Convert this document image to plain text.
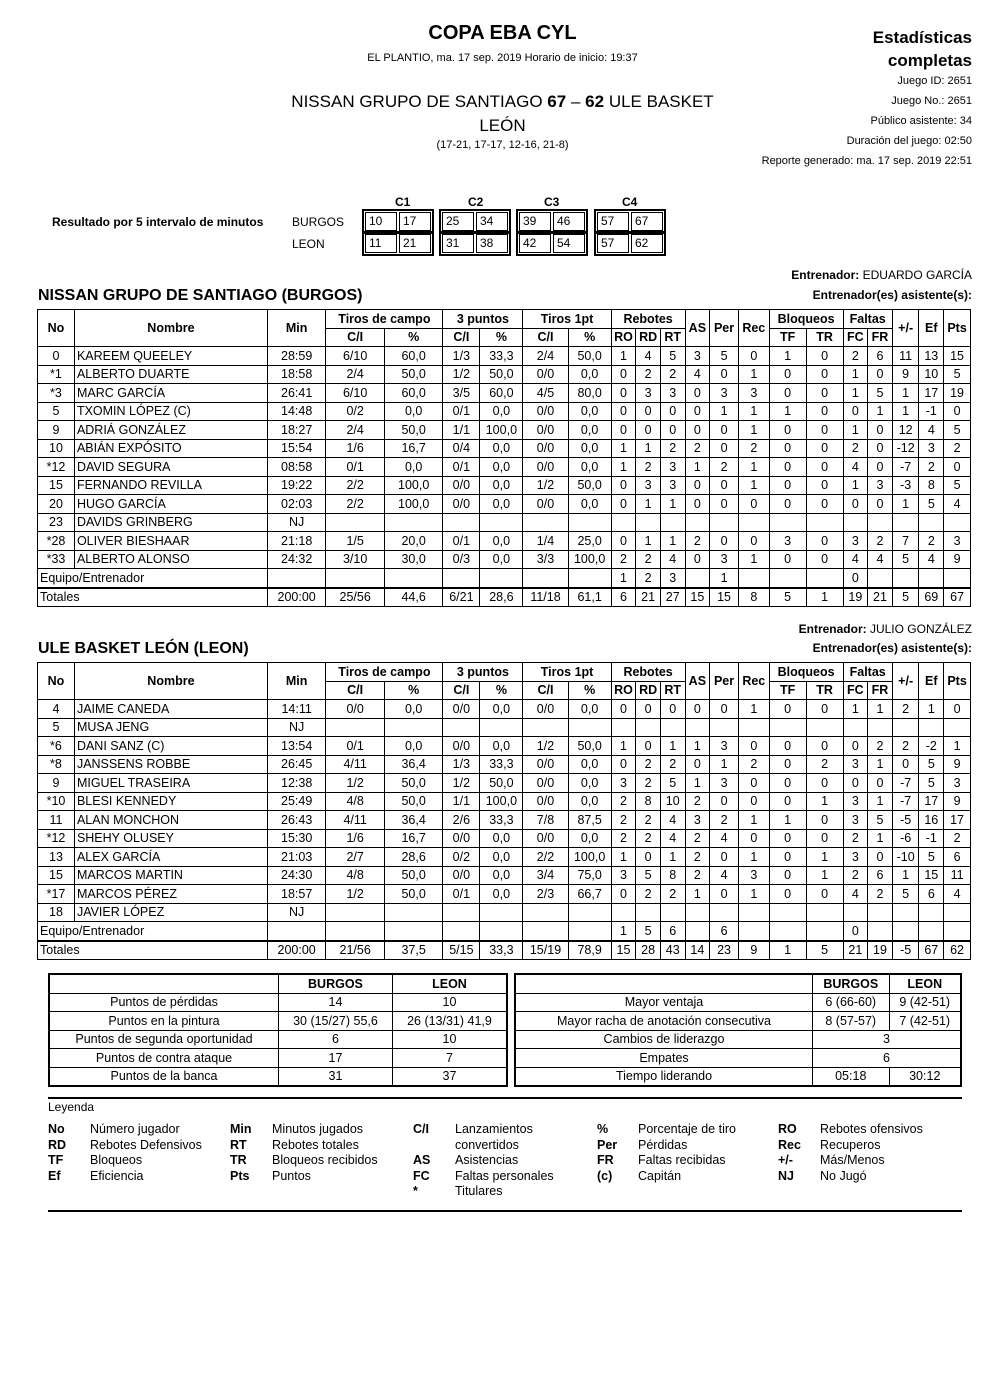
COPA EBA CYL
EL PLANTIO, ma. 17 sep. 2019 Horario de inicio: 19:37
NISSAN GRUPO DE SANTIAGO 67 – 62 ULE BASKET
LEÓN
(17-21, 17-17, 12-16, 21-8)
Estadísticas
completas
Juego ID: 2651
Juego No.: 2651
Público asistente: 34
Duración del juego: 02:50
Reporte generado: ma. 17 sep. 2019 22:51
Resultado por 5 intervalo de minutos
C1	C2	C3	C4
BURGOS
LEON
10	17	25	34	39	46	57	67
11	21	31	38	42	54	57	62
Entrenador: EDUARDO GARCÍA
NISSAN GRUPO DE SANTIAGO (BURGOS)	Entrenador(es) asistente(s):
No	Nombre	Min	Tiros de campo		3 puntos		Tiros 1pt		Rebotes			AS	Per	Rec	Bloqueos		Faltas		+/-	Ef	Pts
			C/I	%	C/I	%	C/I	%	RO	RD	RT				TF	TR	FC	FR			
0	KAREEM QUEELEY	28:59	6/10	60,0	1/3	33,3	2/4	50,0	1	4	5	3	5	0	1	0	2	6	11	13	15
*1	ALBERTO DUARTE	18:58	2/4	50,0	1/2	50,0	0/0	0,0	0	2	2	4	0	1	0	0	1	0	9	10	5
*3	MARC GARCÍA	26:41	6/10	60,0	3/5	60,0	4/5	80,0	0	3	3	0	3	3	0	0	1	5	1	17	19
5	TXOMIN LÓPEZ (C)	14:48	0/2	0,0	0/1	0,0	0/0	0,0	0	0	0	0	1	1	1	0	0	1	1	-1	0
9	ADRIÁ GONZÁLEZ	18:27	2/4	50,0	1/1	100,0	0/0	0,0	0	0	0	0	0	1	0	0	1	0	12	4	5
10	ABIÁN EXPÓSITO	15:54	1/6	16,7	0/4	0,0	0/0	0,0	1	1	2	2	0	2	0	0	2	0	-12	3	2
*12	DAVID SEGURA	08:58	0/1	0,0	0/1	0,0	0/0	0,0	1	2	3	1	2	1	0	0	4	0	-7	2	0
15	FERNANDO REVILLA	19:22	2/2	100,0	0/0	0,0	1/2	50,0	0	3	3	0	0	1	0	0	1	3	-3	8	5
20	HUGO GARCÍA	02:03	2/2	100,0	0/0	0,0	0/0	0,0	0	1	1	0	0	0	0	0	0	0	1	5	4
23	DAVIDS GRINBERG	NJ																			
*28	OLIVER BIESHAAR	21:18	1/5	20,0	0/1	0,0	1/4	25,0	0	1	1	2	0	0	3	0	3	2	7	2	3
*33	ALBERTO ALONSO	24:32	3/10	30,0	0/3	0,0	3/3	100,0	2	2	4	0	3	1	0	0	4	4	5	4	9
Equipo/Entrenador									1	2	3		1				0				
Totales		200:00	25/56	44,6	6/21	28,6	11/18	61,1	6	21	27	15	15	8	5	1	19	21	5	69	67
Entrenador: JULIO GONZÁLEZ
ULE BASKET LEÓN (LEON)	Entrenador(es) asistente(s):
No	Nombre	Min	Tiros de campo		3 puntos		Tiros 1pt		Rebotes			AS	Per	Rec	Bloqueos		Faltas		+/-	Ef	Pts
			C/I	%	C/I	%	C/I	%	RO	RD	RT				TF	TR	FC	FR			
4	JAIME CANEDA	14:11	0/0	0,0	0/0	0,0	0/0	0,0	0	0	0	0	0	1	0	0	1	1	2	1	0
5	MUSA JENG	NJ																			
*6	DANI SANZ (C)	13:54	0/1	0,0	0/0	0,0	1/2	50,0	1	0	1	1	3	0	0	0	0	2	2	-2	1
*8	JANSSENS ROBBE	26:45	4/11	36,4	1/3	33,3	0/0	0,0	0	2	2	0	1	2	0	2	3	1	0	5	9
9	MIGUEL TRASEIRA	12:38	1/2	50,0	1/2	50,0	0/0	0,0	3	2	5	1	3	0	0	0	0	0	-7	5	3
*10	BLESI KENNEDY	25:49	4/8	50,0	1/1	100,0	0/0	0,0	2	8	10	2	0	0	0	1	3	1	-7	17	9
11	ALAN MONCHON	26:43	4/11	36,4	2/6	33,3	7/8	87,5	2	2	4	3	2	1	1	0	3	5	-5	16	17
*12	SHEHY OLUSEY	15:30	1/6	16,7	0/0	0,0	0/0	0,0	2	2	4	2	4	0	0	0	2	1	-6	-1	2
13	ALEX GARCÍA	21:03	2/7	28,6	0/2	0,0	2/2	100,0	1	0	1	2	0	1	0	1	3	0	-10	5	6
15	MARCOS MARTIN	24:30	4/8	50,0	0/0	0,0	3/4	75,0	3	5	8	2	4	3	0	1	2	6	1	15	11
*17	MARCOS PÉREZ	18:57	1/2	50,0	0/1	0,0	2/3	66,7	0	2	2	1	0	1	0	0	4	2	5	6	4
18	JAVIER LÓPEZ	NJ																			
Equipo/Entrenador									1	5	6		6				0				
Totales		200:00	21/56	37,5	5/15	33,3	15/19	78,9	15	28	43	14	23	9	1	5	21	19	-5	67	62
	BURGOS	LEON
Puntos de pérdidas	14	10
Puntos en la pintura	30 (15/27) 55,6	26 (13/31) 41,9
Puntos de segunda oportunidad	6	10
Puntos de contra ataque	17	7
Puntos de la banca	31	37
	BURGOS	LEON
Mayor ventaja	6 (66-60)	9 (42-51)
Mayor racha de anotación consecutiva	8 (57-57)	7 (42-51)
Cambios de liderazgo	3	
Empates	6	
Tiempo liderando	05:18	30:12
Leyenda
No	Número jugador
RD	Rebotes Defensivos
TF	Bloqueos
Ef	Eficiencia
Min	Minutos jugados
RT	Rebotes totales
TR	Bloqueos recibidos
Pts	Puntos
C/I	Lanzamientos convertidos
AS	Asistencias
FC	Faltas personales
*	Titulares
%	Porcentaje de tiro
Per	Pérdidas
FR	Faltas recibidas
(c)	Capitán
RO	Rebotes ofensivos
Rec	Recuperos
+/-	Más/Menos
NJ	No Jugó
